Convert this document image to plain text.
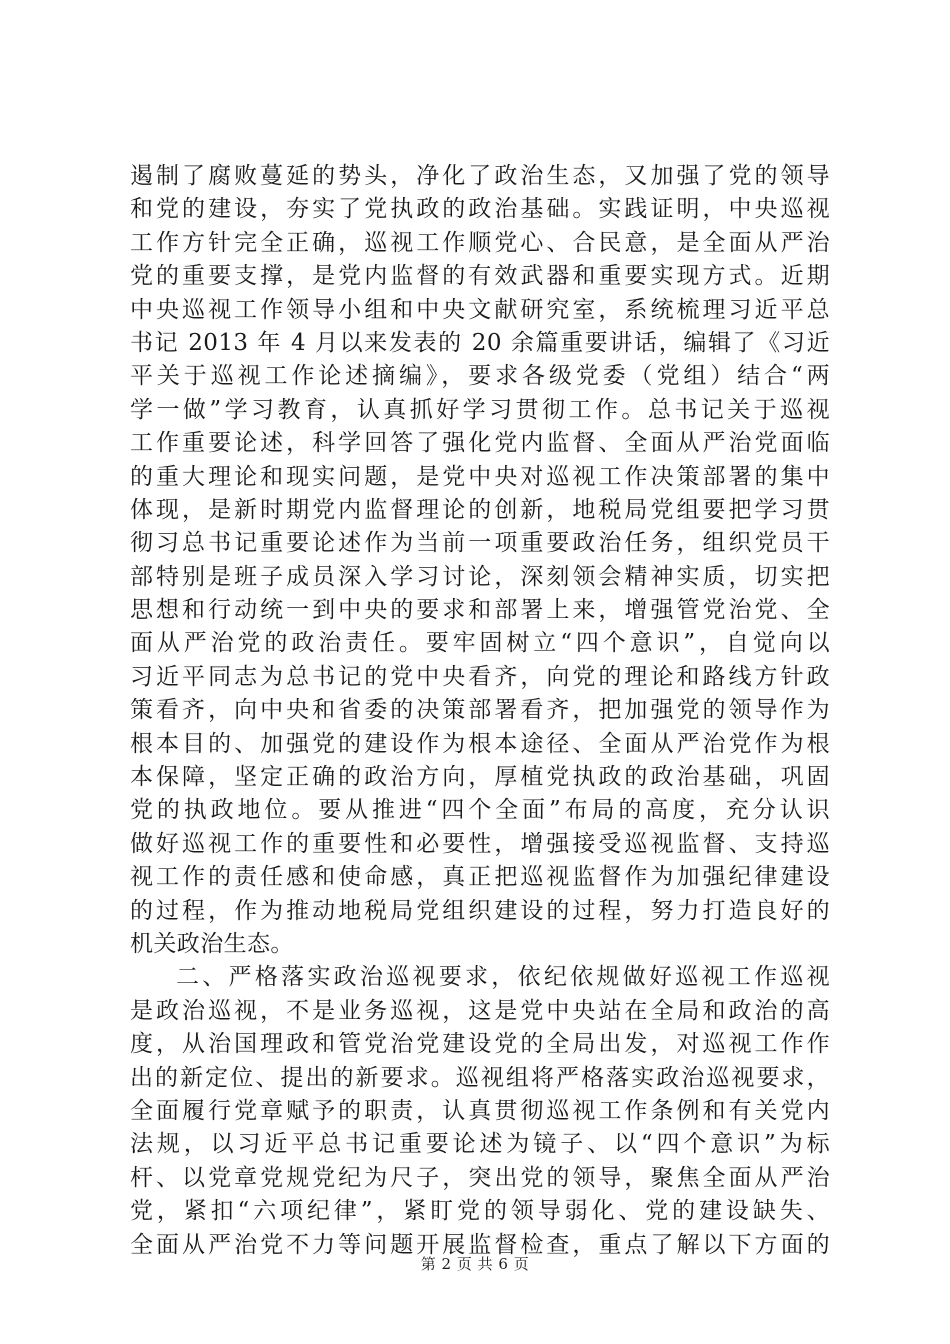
遏制了腐败蔓延的势头，净化了政治生态，又加强了党的领导
和党的建设，夯实了党执政的政治基础。实践证明，中央巡视
工作方针完全正确，巡视工作顺党心、合民意，是全面从严治
党的重要支撑，是党内监督的有效武器和重要实现方式。近期
中央巡视工作领导小组和中央文献研究室，系统梳理习近平总
书记 2013 年 4 月以来发表的 20 余篇重要讲话，编辑了《习近
平关于巡视工作论述摘编》，要求各级党委（党组）结合“两
学一做”学习教育，认真抓好学习贯彻工作。总书记关于巡视
工作重要论述，科学回答了强化党内监督、全面从严治党面临
的重大理论和现实问题，是党中央对巡视工作决策部署的集中
体现，是新时期党内监督理论的创新，地税局党组要把学习贯
彻习总书记重要论述作为当前一项重要政治任务，组织党员干
部特别是班子成员深入学习讨论，深刻领会精神实质，切实把
思想和行动统一到中央的要求和部署上来，增强管党治党、全
面从严治党的政治责任。要牢固树立“四个意识”，自觉向以
习近平同志为总书记的党中央看齐，向党的理论和路线方针政
策看齐，向中央和省委的决策部署看齐，把加强党的领导作为
根本目的、加强党的建设作为根本途径、全面从严治党作为根
本保障，坚定正确的政治方向，厚植党执政的政治基础，巩固
党的执政地位。要从推进“四个全面”布局的高度，充分认识
做好巡视工作的重要性和必要性，增强接受巡视监督、支持巡
视工作的责任感和使命感，真正把巡视监督作为加强纪律建设
的过程，作为推动地税局党组织建设的过程，努力打造良好的
机关政治生态。
二、严格落实政治巡视要求，依纪依规做好巡视工作巡视
是政治巡视，不是业务巡视，这是党中央站在全局和政治的高
度，从治国理政和管党治党建设党的全局出发，对巡视工作作
出的新定位、提出的新要求。巡视组将严格落实政治巡视要求，
全面履行党章赋予的职责，认真贯彻巡视工作条例和有关党内
法规，以习近平总书记重要论述为镜子、以“四个意识”为标
杆、以党章党规党纪为尺子，突出党的领导，聚焦全面从严治
党，紧扣“六项纪律”，紧盯党的领导弱化、党的建设缺失、
全面从严治党不力等问题开展监督检查，重点了解以下方面的
第 2 页 共 6 页
